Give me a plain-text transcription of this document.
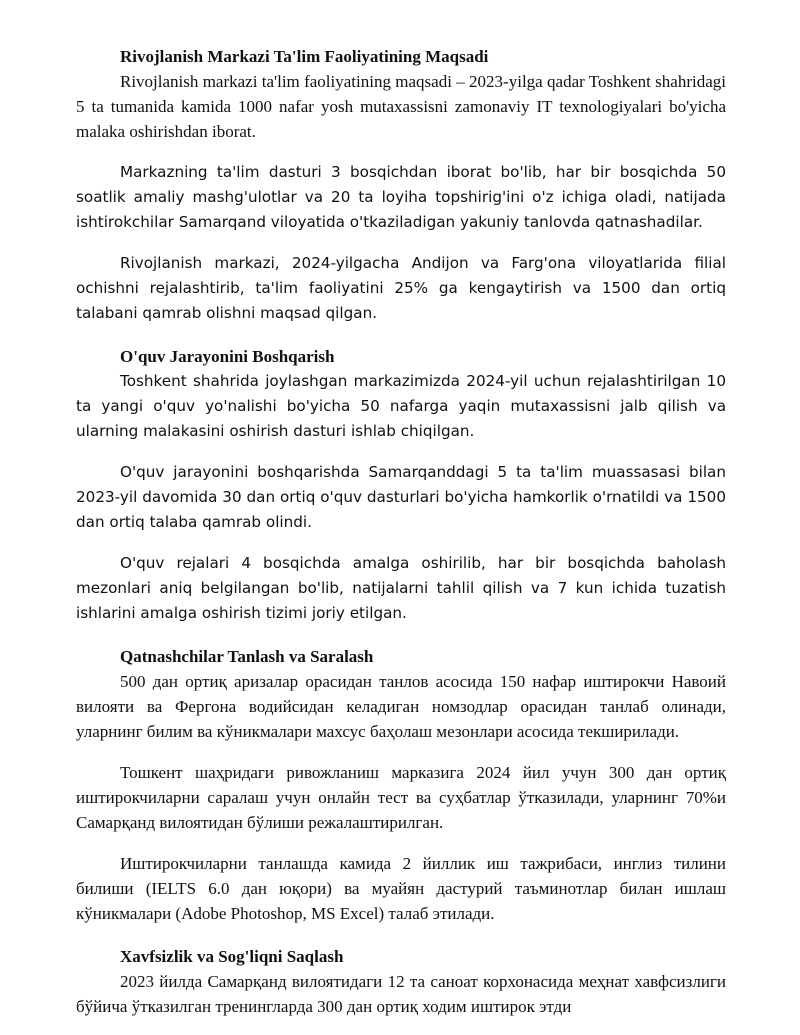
Rivojlanish Markazi Ta'lim Faoliyatining Maqsadi

Rivojlanish markazi ta'lim faoliyatining maqsadi – 2023-yilga qadar Toshkent shahridagi 5 ta tumanida kamida 1000 nafar yosh mutaxassisni zamonaviy IT texnologiyalari bo'yicha malaka oshirishdan iborat.

Markazning ta'lim dasturi 3 bosqichdan iborat bo'lib, har bir bosqichda 50 soatlik amaliy mashg'ulotlar va 20 ta loyiha topshirig'ini o'z ichiga oladi, natijada ishtirokchilar Samarqand viloyatida o'tkaziladigan yakuniy tanlovda qatnashadilar.

Rivojlanish markazi, 2024-yilgacha Andijon va Farg'ona viloyatlarida filial ochishni rejalashtirib, ta'lim faoliyatini 25% ga kengaytirish va 1500 dan ortiq talabani qamrab olishni maqsad qilgan.

O'quv Jarayonini Boshqarish

Toshkent shahrida joylashgan markazimizda 2024-yil uchun rejalashtirilgan 10 ta yangi o'quv yo'nalishi bo'yicha 50 nafarga yaqin mutaxassisni jalb qilish va ularning malakasini oshirish dasturi ishlab chiqilgan.

O'quv jarayonini boshqarishda Samarqanddagi 5 ta ta'lim muassasasi bilan 2023-yil davomida 30 dan ortiq o'quv dasturlari bo'yicha hamkorlik o'rnatildi va 1500 dan ortiq talaba qamrab olindi.

O'quv rejalari 4 bosqichda amalga oshirilib, har bir bosqichda baholash mezonlari aniq belgilangan bo'lib, natijalarni tahlil qilish va 7 kun ichida tuzatish ishlarini amalga oshirish tizimi joriy etilgan.

Qatnashchilar Tanlash va Saralash

500 дан ортиқ аризалар орасидан танлов асосида 150 нафар иштирокчи Навоий вилояти ва Фeргона водийсидан келадиган номзодлар орасидан танлаб олинади, уларнинг билим ва кўникмалари махсус баҳолаш мезонлари асосида текширилади.

Тошкент шаҳридаги ривожланиш марказига 2024 йил учун 300 дан ортиқ иштирокчиларни саралаш учун онлайн тест ва суҳбатлар ўтказилади, уларнинг 70%и Самарқанд вилоятидан бўлиши режалаштирилган.

Иштирокчиларни танлашда камида 2 йиллик иш тажрибаси, инглиз тилини билиши (IELTS 6.0 дан юқори) ва муайян дастурий таъминотлар билан ишлаш кўникмалари (Adobe Photoshop, MS Excel) талаб этилади.

Xavfsizlik va Sog'liqni Saqlash

2023 йилда Самарқанд вилоятидаги 12 та саноат корхонасида меҳнат хавфсизлиги бўйича ўтказилган тренингларда 300 дан ортиқ ходим иштирок этди
